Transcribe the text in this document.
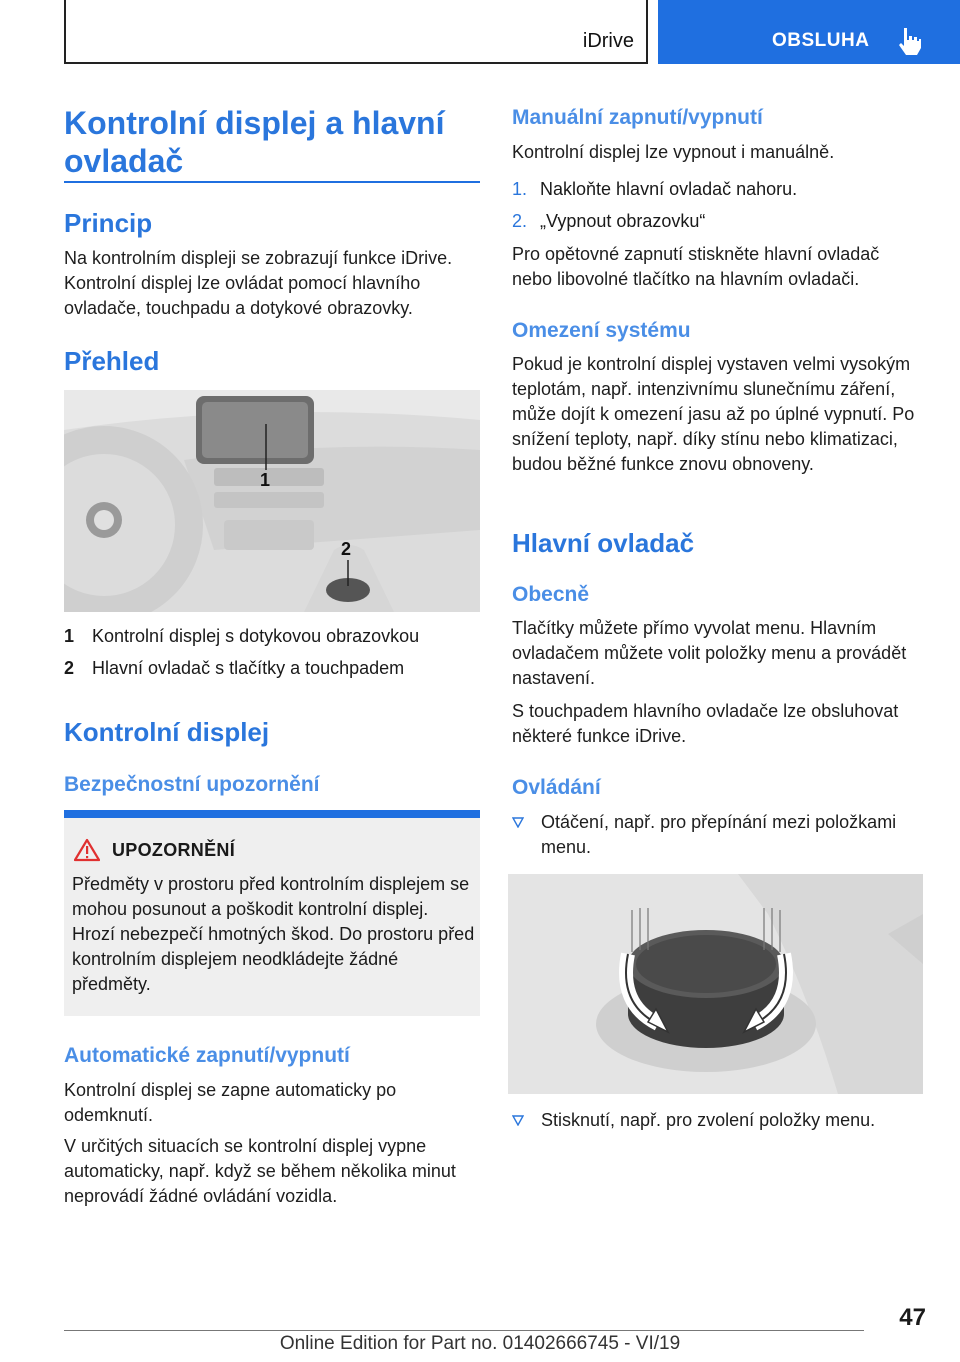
iDrive	OBSLUHA
Kontrolní displej a hlavní ovladač
Princip

Na kontrolním displeji se zobrazují funkce iDrive. Kontrolní displej lze ovládat pomocí hlavního ovladače, touchpadu a dotykové obrazovky.

Přehled
1
2
1 Kontrolní displej s dotykovou obrazovkou
2 Hlavní ovladač s tlačítky a touchpadem
Kontrolní displej
Bezpečnostní upozornění
UPOZORNĚNÍ
Předměty v prostoru před kontrolním displejem se mohou posunout a poškodit kontrolní displej. Hrozí nebezpečí hmotných škod. Do prostoru před kontrolním displejem neodkládejte žádné předměty.
Automatické zapnutí/vypnutí

Kontrolní displej se zapne automaticky po odemknutí.

V určitých situacích se kontrolní displej vypne automaticky, např. když se během několika minut neprovádí žádné ovládání vozidla.

Manuální zapnutí/vypnutí

Kontrolní displej lze vypnout i manuálně.

1. Nakloňte hlavní ovladač nahoru.
2. „Vypnout obrazovku“

Pro opětovné zapnutí stiskněte hlavní ovladač nebo libovolné tlačítko na hlavním ovladači.

Omezení systému

Pokud je kontrolní displej vystaven velmi vysokým teplotám, např. intenzivnímu slunečnímu záření, může dojít k omezení jasu až po úplné vypnutí. Po snížení teploty, např. díky stínu nebo klimatizaci, budou běžné funkce znovu obnoveny.

Hlavní ovladač
Obecně

Tlačítky můžete přímo vyvolat menu. Hlavním ovladačem můžete volit položky menu a provádět nastavení.

S touchpadem hlavního ovladače lze obsluhovat některé funkce iDrive.

Ovládání
Otáčení, např. pro přepínání mezi položkami menu.
Stisknutí, např. pro zvolení položky menu.
47
Online Edition for Part no. 01402666745 - VI/19
